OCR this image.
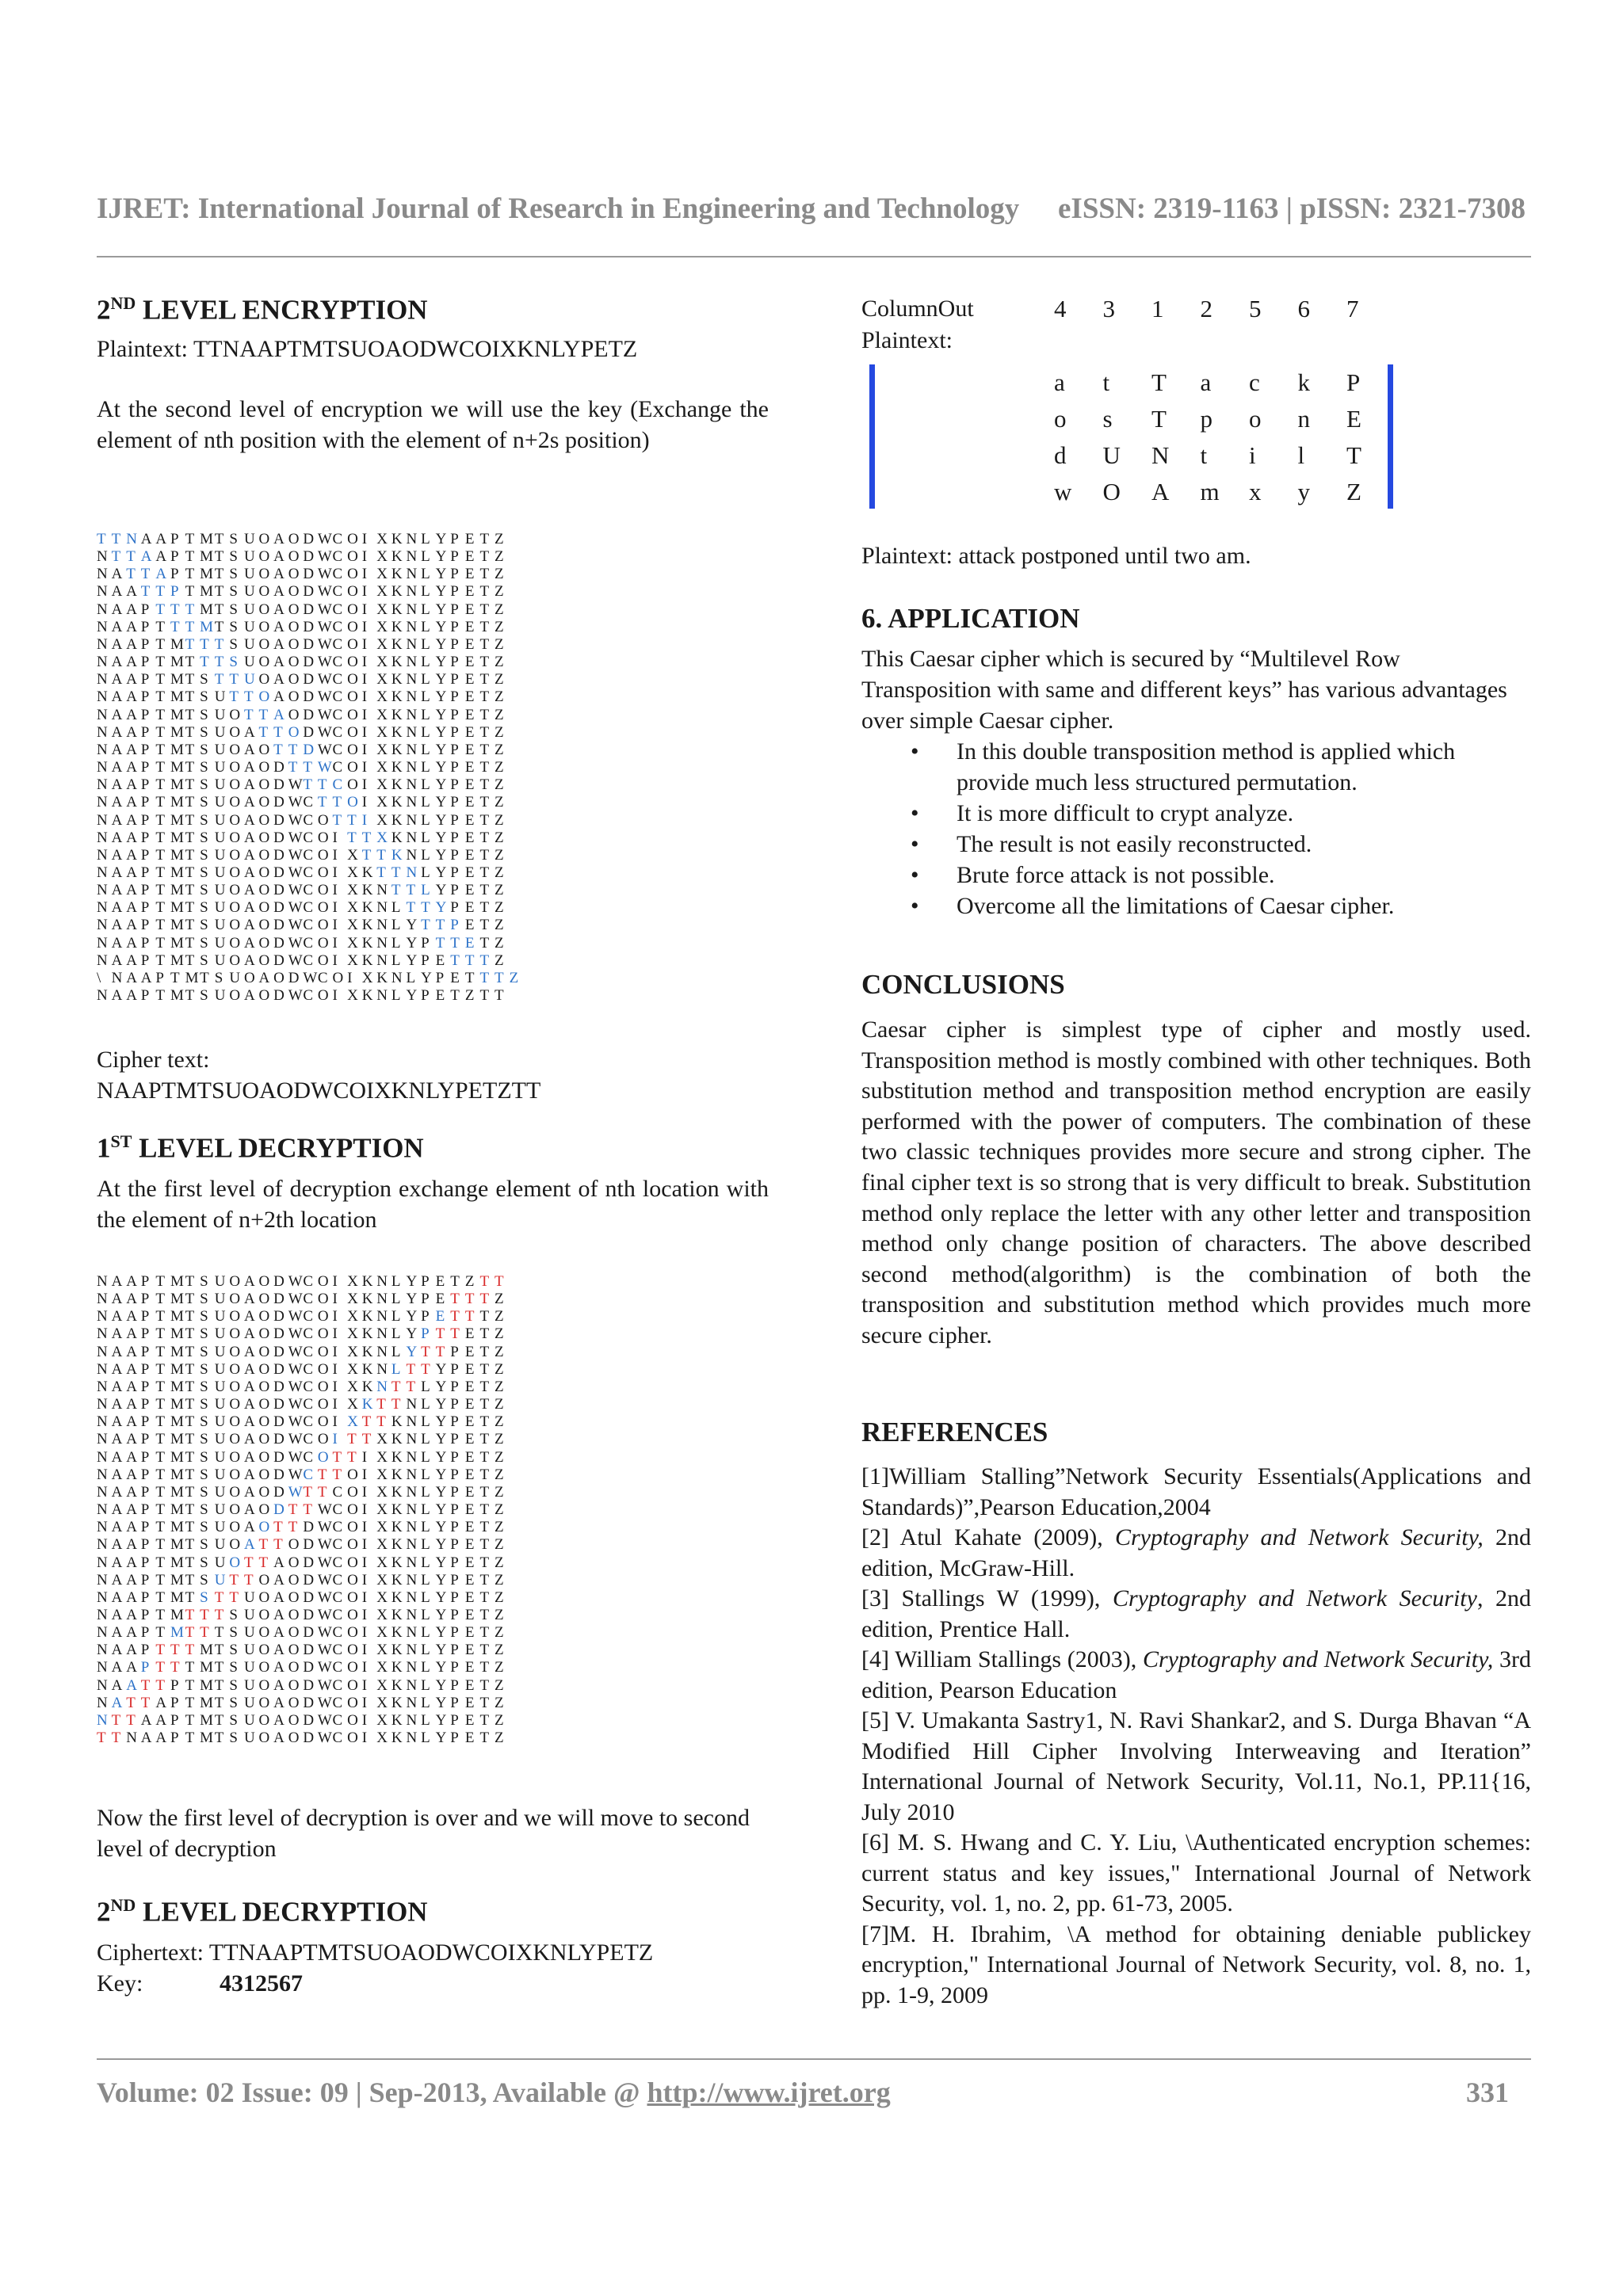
IJRET: International Journal of Research in Engineering and Technology eISSN: 2319-1163 | pISSN: 2321-7308
2ND LEVEL ENCRYPTION

Plaintext: TTNAAPTMTSUOAODWCOIXKNLYPETZ

At the second level of encryption we will use the key (Exchange the element of nth position with the element of n+2s position)

T T N A A P T M T S U O A O D W C O I X K N L Y P E T Z
N T T A A P T M T S U O A O D W C O I X K N L Y P E T Z
N A T T A P T M T S U O A O D W C O I X K N L Y P E T Z
N A A T T P T M T S U O A O D W C O I X K N L Y P E T Z
N A A P T T T M T S U O A O D W C O I X K N L Y P E T Z
N A A P T T T M T S U O A O D W C O I X K N L Y P E T Z
N A A P T M T T T S U O A O D W C O I X K N L Y P E T Z
N A A P T M T T T S U O A O D W C O I X K N L Y P E T Z
N A A P T M T S T T U O A O D W C O I X K N L Y P E T Z
N A A P T M T S U T T O A O D W C O I X K N L Y P E T Z
N A A P T M T S U O T T A O D W C O I X K N L Y P E T Z
N A A P T M T S U O A T T O D W C O I X K N L Y P E T Z
N A A P T M T S U O A O T T D W C O I X K N L Y P E T Z
N A A P T M T S U O A O D T T W C O I X K N L Y P E T Z
N A A P T M T S U O A O D W T T C O I X K N L Y P E T Z
N A A P T M T S U O A O D W C T T O I X K N L Y P E T Z
N A A P T M T S U O A O D W C O T T I X K N L Y P E T Z
N A A P T M T S U O A O D W C O I T T X K N L Y P E T Z
N A A P T M T S U O A O D W C O I X T T K N L Y P E T Z
N A A P T M T S U O A O D W C O I X K T T N L Y P E T Z
N A A P T M T S U O A O D W C O I X K N T T L Y P E T Z
N A A P T M T S U O A O D W C O I X K N L T T Y P E T Z
N A A P T M T S U O A O D W C O I X K N L Y T T P E T Z
N A A P T M T S U O A O D W C O I X K N L Y P T T E T Z
N A A P T M T S U O A O D W C O I X K N L Y P E T T T Z
\ N A A P T M T S U O A O D W C O I X K N L Y P E T T T Z
N A A P T M T S U O A O D W C O I X K N L Y P E T Z T T

Cipher text:

NAAPTMTSUOAODWCOIXKNLYPETZTT

1ST LEVEL DECRYPTION

At the first level of decryption exchange element of nth location with the element of n+2th location

N A A P T M T S U O A O D W C O I X K N L Y P E T Z T T
N A A P T M T S U O A O D W C O I X K N L Y P E T T T Z
N A A P T M T S U O A O D W C O I X K N L Y P E T T T Z
N A A P T M T S U O A O D W C O I X K N L Y P T T E T Z
N A A P T M T S U O A O D W C O I X K N L Y T T P E T Z
N A A P T M T S U O A O D W C O I X K N L T T Y P E T Z
N A A P T M T S U O A O D W C O I X K N T T L Y P E T Z
N A A P T M T S U O A O D W C O I X K T T N L Y P E T Z
N A A P T M T S U O A O D W C O I X T T K N L Y P E T Z
N A A P T M T S U O A O D W C O I T T X K N L Y P E T Z
N A A P T M T S U O A O D W C O T T I X K N L Y P E T Z
N A A P T M T S U O A O D W C T T O I X K N L Y P E T Z
N A A P T M T S U O A O D W T T C O I X K N L Y P E T Z
N A A P T M T S U O A O D T T W C O I X K N L Y P E T Z
N A A P T M T S U O A O T T D W C O I X K N L Y P E T Z
N A A P T M T S U O A T T O D W C O I X K N L Y P E T Z
N A A P T M T S U O T T A O D W C O I X K N L Y P E T Z
N A A P T M T S U T T O A O D W C O I X K N L Y P E T Z
N A A P T M T S T T U O A O D W C O I X K N L Y P E T Z
N A A P T M T T T S U O A O D W C O I X K N L Y P E T Z
N A A P T M T T T S U O A O D W C O I X K N L Y P E T Z
N A A P T T T M T S U O A O D W C O I X K N L Y P E T Z
N A A P T T T M T S U O A O D W C O I X K N L Y P E T Z
N A A T T P T M T S U O A O D W C O I X K N L Y P E T Z
N A T T A P T M T S U O A O D W C O I X K N L Y P E T Z
N T T A A P T M T S U O A O D W C O I X K N L Y P E T Z
T T N A A P T M T S U O A O D W C O I X K N L Y P E T Z

Now the first level of decryption is over and we will move to second level of decryption

2ND LEVEL DECRYPTION

Ciphertext: TTNAAPTMTSUOAODWCOIXKNLYPETZ

Key:	4312567
ColumnOut
Plaintext:
4	3	1	2	5	6	7
a	t	T	a	c	k	P
o	s	T	p	o	n	E
d	U	N	t	i	l	T
w	O	A	m	x	y	Z

Plaintext: attack postponed until two am.

6. APPLICATION

This Caesar cipher which is secured by “Multilevel Row Transposition with same and different keys” has various advantages over simple Caesar cipher.

• In this double transposition method is applied which provide much less structured permutation.
• It is more difficult to crypt analyze.
• The result is not easily reconstructed.
• Brute force attack is not possible.
• Overcome all the limitations of Caesar cipher.
CONCLUSIONS

Caesar cipher is simplest type of cipher and mostly used. Transposition method is mostly combined with other techniques. Both substitution method and transposition method encryption are easily performed with the power of computers. The combination of these two classic techniques provides more secure and strong cipher. The final cipher text is so strong that is very difficult to break. Substitution method only replace the letter with any other letter and transposition method only change position of characters. The above described second method(algorithm) is the combination of both the transposition and substitution method which provides much more secure cipher.

REFERENCES

[1]William Stalling”Network Security Essentials(Applications and Standards)”,Pearson Education,2004

[2] Atul Kahate (2009), Cryptography and Network Security, 2nd edition, McGraw-Hill.

[3] Stallings W (1999), Cryptography and Network Security, 2nd edition, Prentice Hall.

[4] William Stallings (2003), Cryptography and Network Security, 3rd edition, Pearson Education

[5] V. Umakanta Sastry1, N. Ravi Shankar2, and S. Durga Bhavan “A Modified Hill Cipher Involving Interweaving and Iteration” International Journal of Network Security, Vol.11, No.1, PP.11{16, July 2010

[6] M. S. Hwang and C. Y. Liu, \Authenticated encryption schemes: current status and key issues," International Journal of Network Security, vol. 1, no. 2, pp. 61-73, 2005.

[7]M. H. Ibrahim, \A method for obtaining deniable publickey encryption," International Journal of Network Security, vol. 8, no. 1, pp. 1-9, 2009

Volume: 02 Issue: 09 | Sep-2013, Available @ http://www.ijret.org	331
